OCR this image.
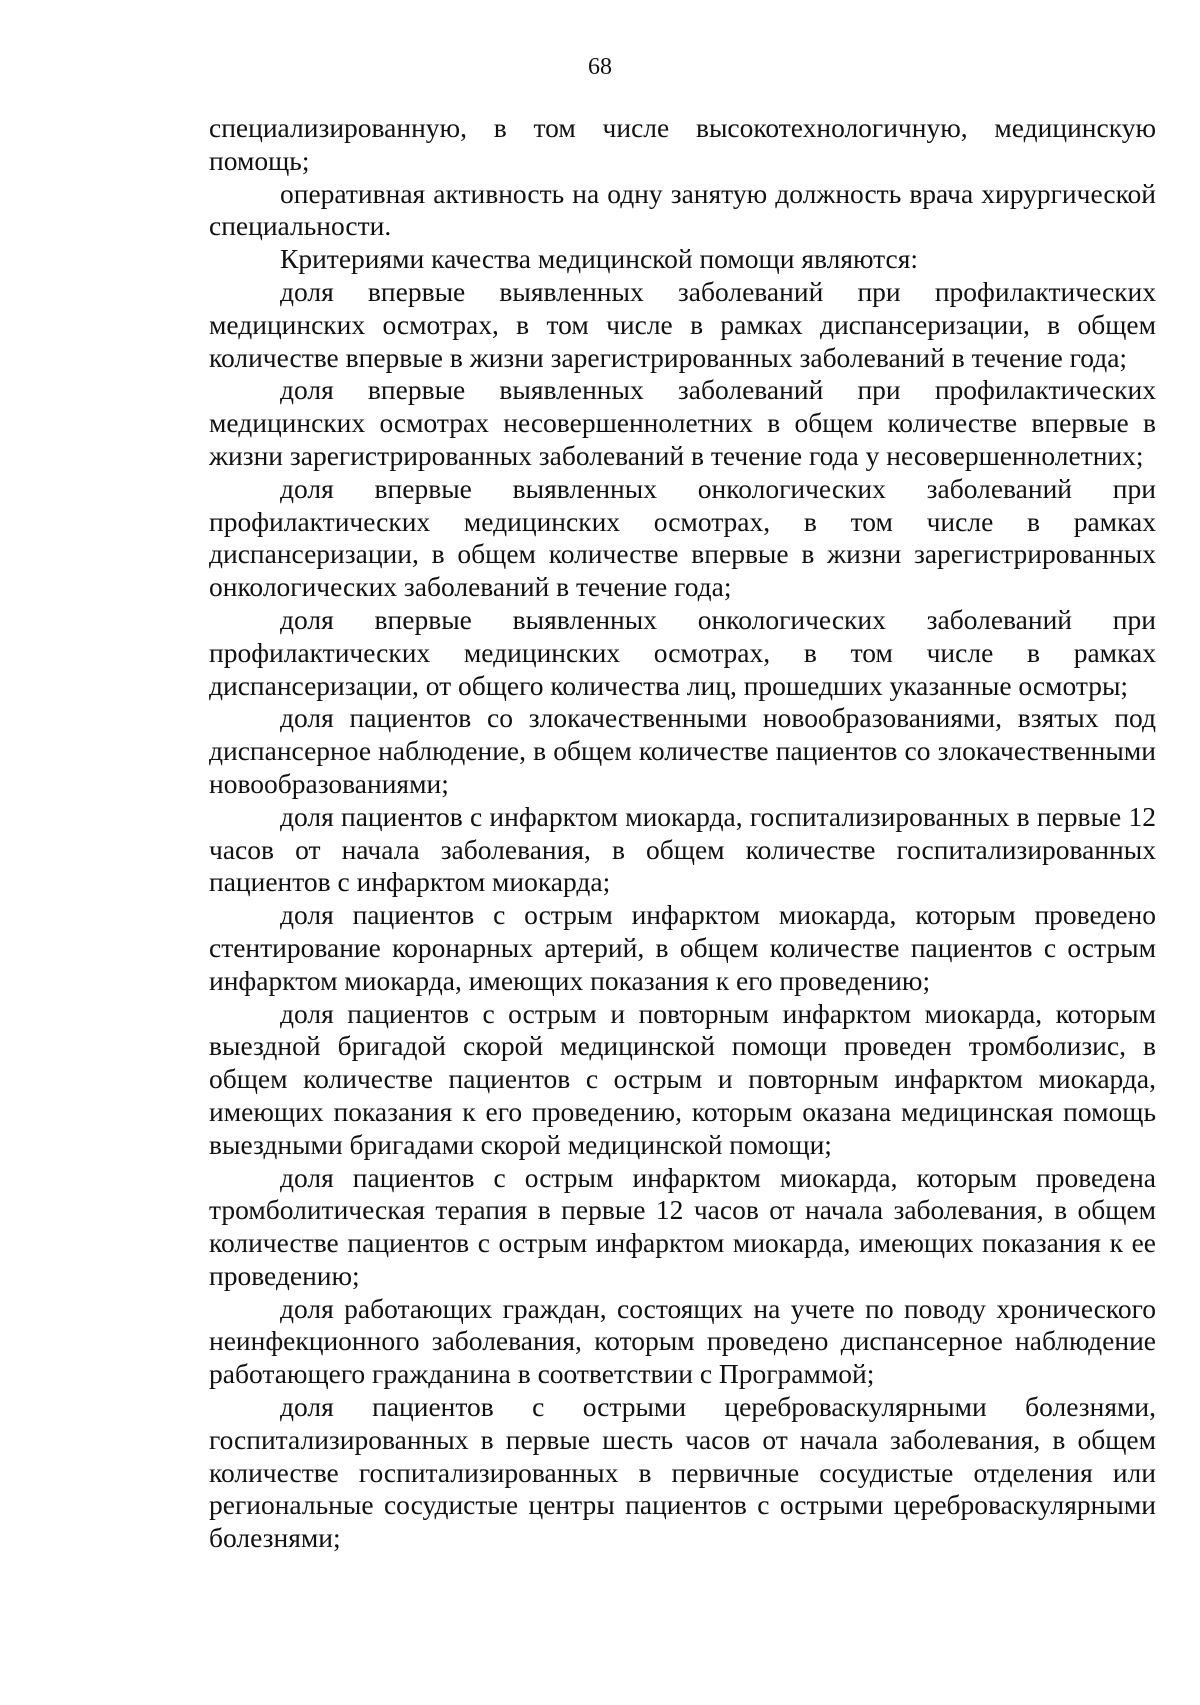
68

специализированную, в том числе высокотехнологичную, медицинскую помощь;

оперативная активность на одну занятую должность врача хирургической специальности.

Критериями качества медицинской помощи являются:

доля впервые выявленных заболеваний при профилактических медицинских осмотрах, в том числе в рамках диспансеризации, в общем количестве впервые в жизни зарегистрированных заболеваний в течение года;

доля впервые выявленных заболеваний при профилактических медицинских осмотрах несовершеннолетних в общем количестве впервые в жизни зарегистрированных заболеваний в течение года у несовершеннолетних;

доля впервые выявленных онкологических заболеваний при профилактических медицинских осмотрах, в том числе в рамках диспансеризации, в общем количестве впервые в жизни зарегистрированных онкологических заболеваний в течение года;

доля впервые выявленных онкологических заболеваний при профилактических медицинских осмотрах, в том числе в рамках диспансеризации, от общего количества лиц, прошедших указанные осмотры;

доля пациентов со злокачественными новообразованиями, взятых под диспансерное наблюдение, в общем количестве пациентов со злокачественными новообразованиями;

доля пациентов с инфарктом миокарда, госпитализированных в первые 12 часов от начала заболевания, в общем количестве госпитализированных пациентов с инфарктом миокарда;

доля пациентов с острым инфарктом миокарда, которым проведено стентирование коронарных артерий, в общем количестве пациентов с острым инфарктом миокарда, имеющих показания к его проведению;

доля пациентов с острым и повторным инфарктом миокарда, которым выездной бригадой скорой медицинской помощи проведен тромболизис, в общем количестве пациентов с острым и повторным инфарктом миокарда, имеющих показания к его проведению, которым оказана медицинская помощь выездными бригадами скорой медицинской помощи;

доля пациентов с острым инфарктом миокарда, которым проведена тромболитическая терапия в первые 12 часов от начала заболевания, в общем количестве пациентов с острым инфарктом миокарда, имеющих показания к ее проведению;

доля работающих граждан, состоящих на учете по поводу хронического неинфекционного заболевания, которым проведено диспансерное наблюдение работающего гражданина в соответствии с Программой;

доля пациентов с острыми цереброваскулярными болезнями, госпитализированных в первые шесть часов от начала заболевания, в общем количестве госпитализированных в первичные сосудистые отделения или региональные сосудистые центры пациентов с острыми цереброваскулярными болезнями;
